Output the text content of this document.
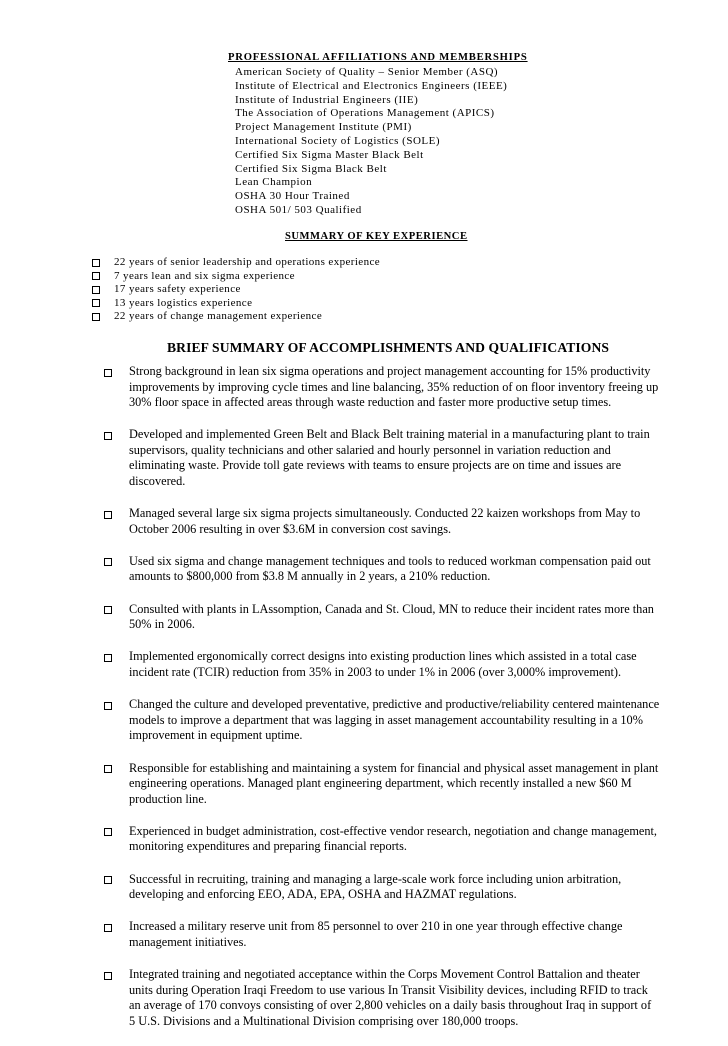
PROFESSIONAL AFFILIATIONS AND MEMBERSHIPS
American Society of Quality – Senior Member (ASQ)
Institute of Electrical and Electronics Engineers (IEEE)
Institute of Industrial Engineers (IIE)
The Association of Operations Management (APICS)
Project Management Institute (PMI)
International Society of Logistics (SOLE)
Certified Six Sigma Master Black Belt
Certified Six Sigma Black Belt
Lean Champion
OSHA 30 Hour Trained
OSHA 501/ 503 Qualified
SUMMARY OF KEY EXPERIENCE
22 years of senior leadership and operations experience
7 years lean and six sigma experience
17 years safety experience
13 years logistics experience
22 years of change management experience
BRIEF SUMMARY OF ACCOMPLISHMENTS AND QUALIFICATIONS
Strong background in lean six sigma operations and project management accounting for 15% productivity improvements by improving cycle times and line balancing, 35% reduction of on floor inventory freeing up 30% floor space in affected areas through waste reduction and faster more productive setup times.
Developed and implemented Green Belt and Black Belt training material in a manufacturing plant to train supervisors, quality technicians and other salaried and hourly personnel in variation reduction and eliminating waste. Provide toll gate reviews with teams to ensure projects are on time and issues are discovered.
Managed several large six sigma projects simultaneously. Conducted 22 kaizen workshops from May to October 2006 resulting in over $3.6M in conversion cost savings.
Used six sigma and change management techniques and tools to reduced workman compensation paid out amounts to $800,000 from $3.8 M annually in 2 years, a 210% reduction.
Consulted with plants in LAssomption, Canada and St. Cloud, MN to reduce their incident rates more than 50% in 2006.
Implemented ergonomically correct designs into existing production lines which assisted in a total case incident rate (TCIR) reduction from 35% in 2003 to under 1% in 2006 (over 3,000% improvement).
Changed the culture and developed preventative, predictive and productive/reliability centered maintenance models to improve a department that was lagging in asset management accountability resulting in a 10% improvement in equipment uptime.
Responsible for establishing and maintaining a system for financial and physical asset management in plant engineering operations. Managed plant engineering department, which recently installed a new $60 M production line.
Experienced in budget administration, cost-effective vendor research, negotiation and change management, monitoring expenditures and preparing financial reports.
Successful in recruiting, training and managing a large-scale work force including union arbitration, developing and enforcing EEO, ADA, EPA, OSHA and HAZMAT regulations.
Increased a military reserve unit from 85 personnel to over 210 in one year through effective change management initiatives.
Integrated training and negotiated acceptance within the Corps Movement Control Battalion and theater units during Operation Iraqi Freedom to use various In Transit Visibility devices, including RFID to track an average of 170 convoys consisting of over 2,800 vehicles on a daily basis throughout Iraq in support of 5 U.S. Divisions and a Multinational Division comprising over 180,000 troops.
